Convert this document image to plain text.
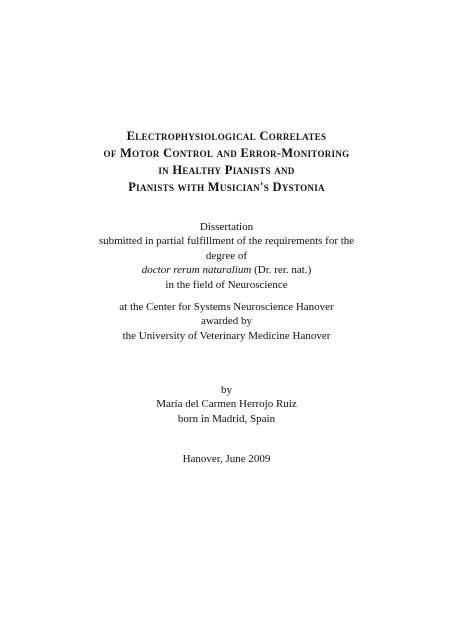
Electrophysiological Correlates
of Motor Control and Error-Monitoring
in Healthy Pianists and
Pianists with Musician's Dystonia
Dissertation
submitted in partial fulfillment of the requirements for the
degree of
doctor rerum naturalium (Dr. rer. nat.)
in the field of Neuroscience
at the Center for Systems Neuroscience Hanover
awarded by
the University of Veterinary Medicine Hanover
by
María del Carmen Herrojo Ruiz
born in Madrid, Spain
Hanover, June 2009
